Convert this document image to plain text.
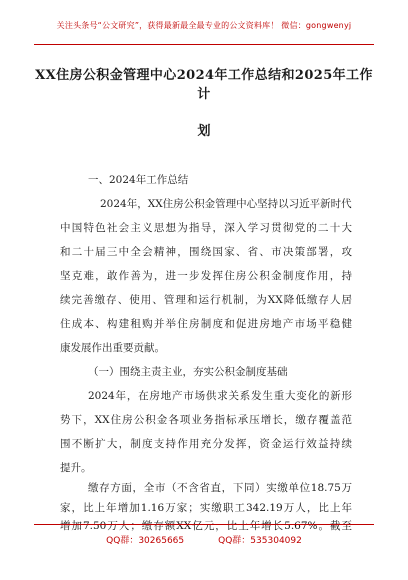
关注头条号“公文研究”，获得最新最全最专业的公文资料库！ 微信：gongwenyj
XX住房公积金管理中心2024年工作总结和2025年工作计
划
一、2024年工作总结
2024年，XX住房公积金管理中心坚持以习近平新时代
中国特色社会主义思想为指导，深入学习贯彻党的二十大
和二十届三中全会精神，围绕国家、省、市决策部署，攻
坚克难，敢作善为，进一步发挥住房公积金制度作用，持
续完善缴存、使用、管理和运行机制，为XX降低缴存人居
住成本、构建租购并举住房制度和促进房地产市场平稳健
康发展作出重要贡献。
（一）围绕主责主业，夯实公积金制度基础
2024年，在房地产市场供求关系发生重大变化的新形
势下，XX住房公积金各项业务指标承压增长，缴存覆盖范
围不断扩大，制度支持作用充分发挥，资金运行效益持续
提升。
缴存方面，全市（不含省直，下同）实缴单位18.75万
家，比上年增加1.16万家；实缴职工342.19万人，比上年
增加7.50万人；缴存额XX亿元，比上年增长5.67%。截至
QQ群：30265665	QQ群：535304092
